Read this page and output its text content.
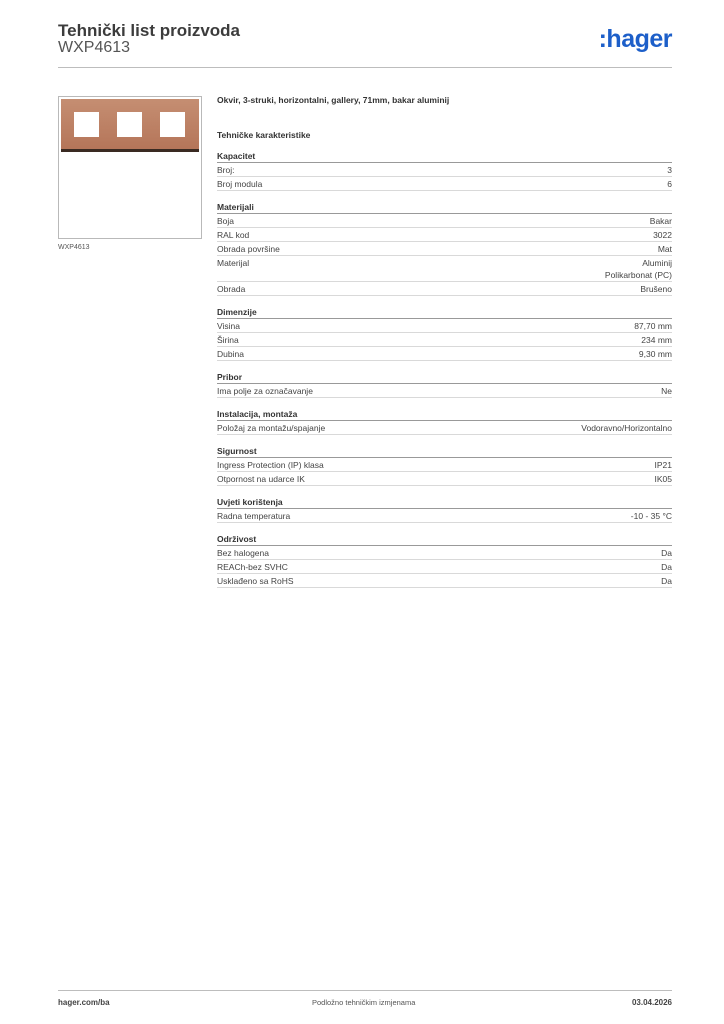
Tehnički list proizvoda
WXP4613	:hager
WXP4613

Okvir, 3-struki, horizontalni, gallery, 71mm, bakar aluminij

Tehničke karakteristike
Kapacitet
Broj:	3
Broj modula	6
Materijali
Boja	Bakar
RAL kod	3022
Obrada površine	Mat
Materijal	Aluminij
Polikarbonat (PC)
Obrada	Brušeno
Dimenzije
Visina	87,70 mm
Širina	234 mm
Dubina	9,30 mm
Pribor
Ima polje za označavanje	Ne
Instalacija, montaža
Položaj za montažu/spajanje	Vodoravno/Horizontalno
Sigurnost
Ingress Protection (IP) klasa	IP21
Otpornost na udarce IK	IK05
Uvjeti korištenja
Radna temperatura	-10 - 35 °C
Održivost
Bez halogena	Da
REACh-bez SVHC	Da
Usklađeno sa RoHS	Da
hager.com/ba	Podložno tehničkim izmjenama	03.04.2026
